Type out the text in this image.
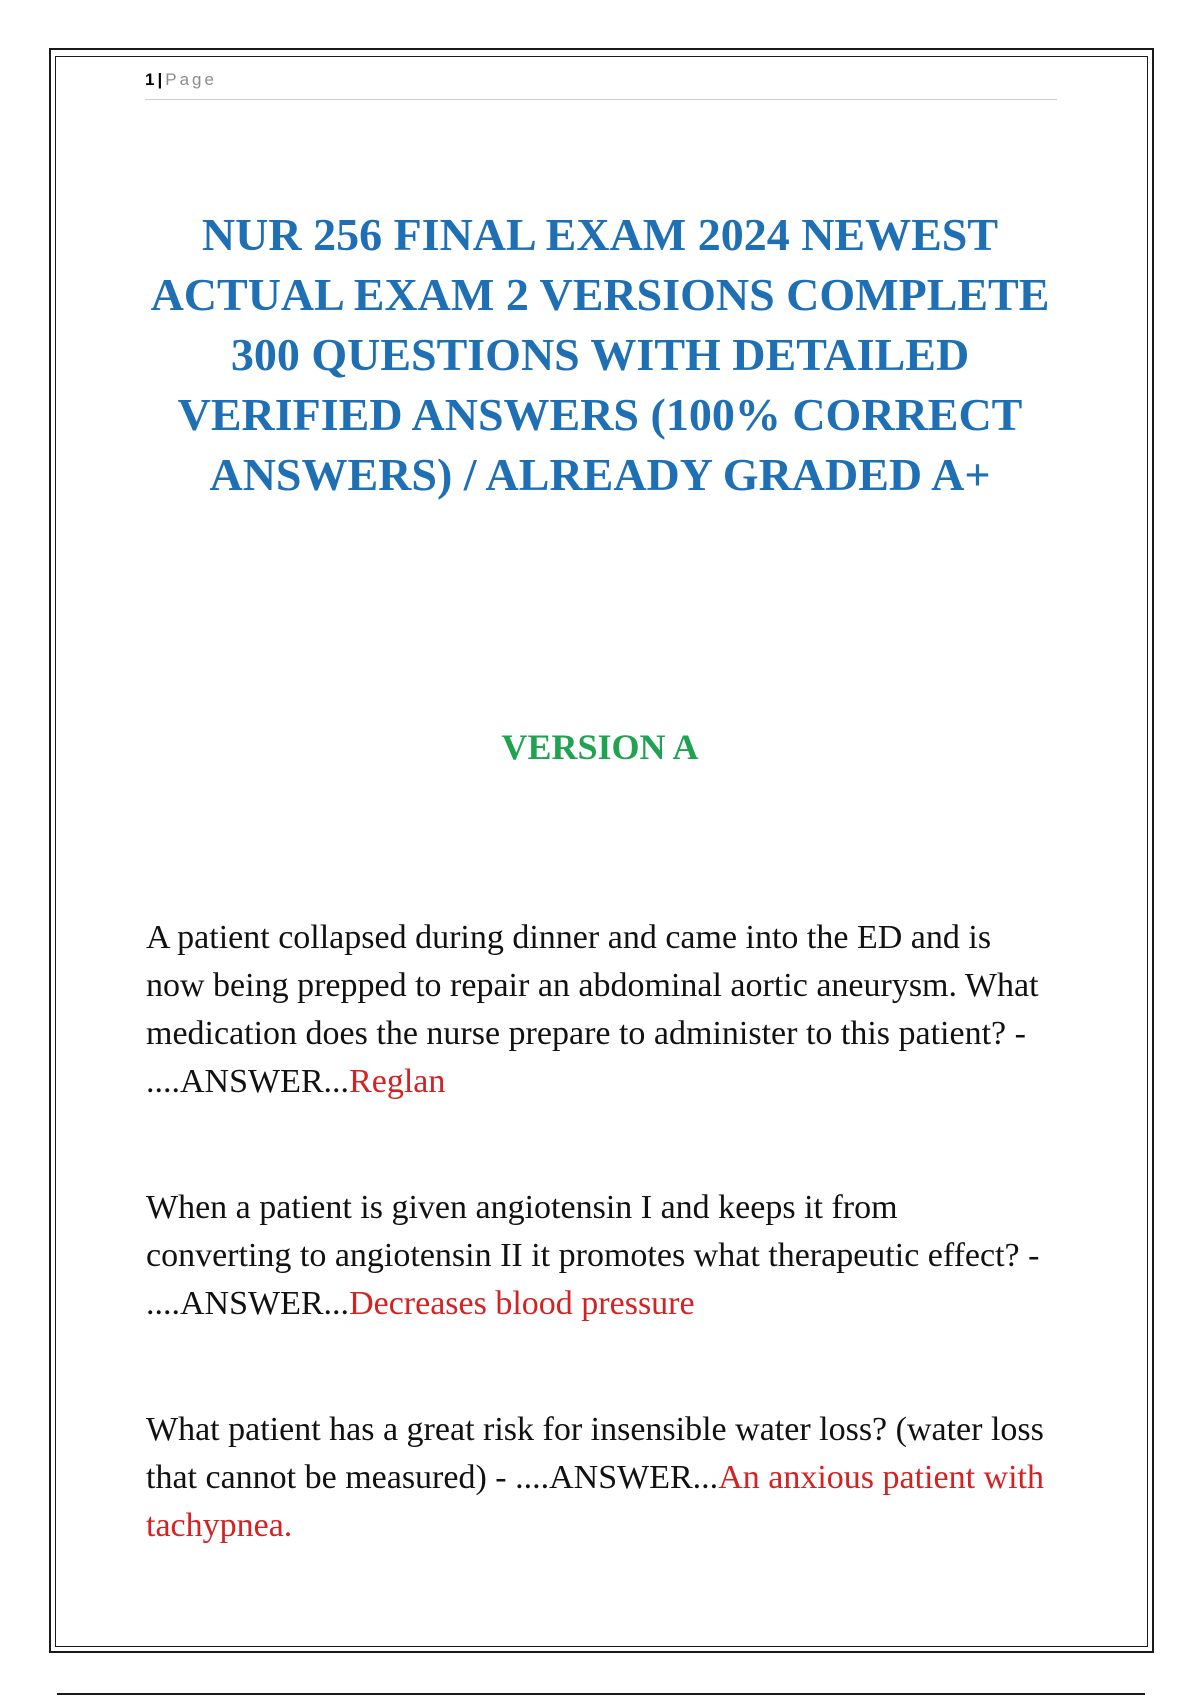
1 | Page
NUR 256 FINAL EXAM 2024 NEWEST ACTUAL EXAM 2 VERSIONS COMPLETE 300 QUESTIONS WITH DETAILED VERIFIED ANSWERS (100% CORRECT ANSWERS) / ALREADY GRADED A+
VERSION A

A patient collapsed during dinner and came into the ED and is now being prepped to repair an abdominal aortic aneurysm. What medication does the nurse prepare to administer to this patient? - ....ANSWER...Reglan

When a patient is given angiotensin I and keeps it from converting to angiotensin II it promotes what therapeutic effect? - ....ANSWER...Decreases blood pressure

What patient has a great risk for insensible water loss? (water loss that cannot be measured) - ....ANSWER...An anxious patient with tachypnea.
